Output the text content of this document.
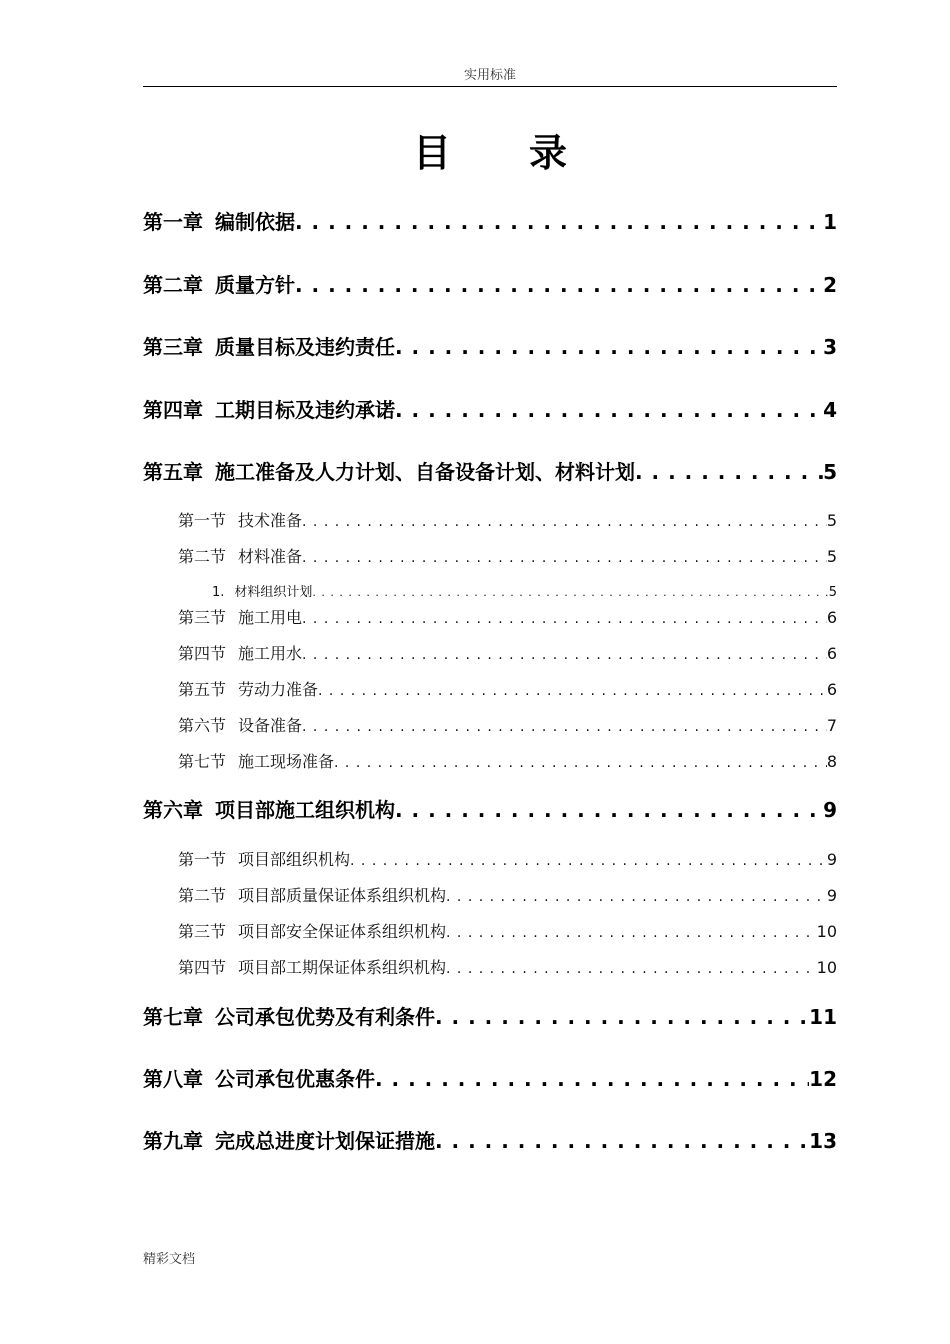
实用标准
目录
第一章 编制依据 . . .	1
第二章 质量方针 . . .	2
第三章 质量目标及违约责任 . . .	3
第四章 工期目标及违约承诺 . . .	4
第五章 施工准备及人力计划、自备设备计划、材料计划 . . .	5
第一节 技术准备 . . .	5
第二节 材料准备 . . .	5
1. 材料组织计划 . . .	5
第三节 施工用电 . . .	6
第四节 施工用水 . . .	6
第五节 劳动力准备 . . .	6
第六节 设备准备 . . .	7
第七节 施工现场准备 . . .	8
第六章 项目部施工组织机构 . . .	9
第一节 项目部组织机构 . . .	9
第二节 项目部质量保证体系组织机构 . . .	9
第三节 项目部安全保证体系组织机构 . . .	10
第四节 项目部工期保证体系组织机构 . . .	10
第七章 公司承包优势及有利条件 . . .	11
第八章 公司承包优惠条件 . . .	12
第九章 完成总进度计划保证措施 . . .	13
精彩文档
